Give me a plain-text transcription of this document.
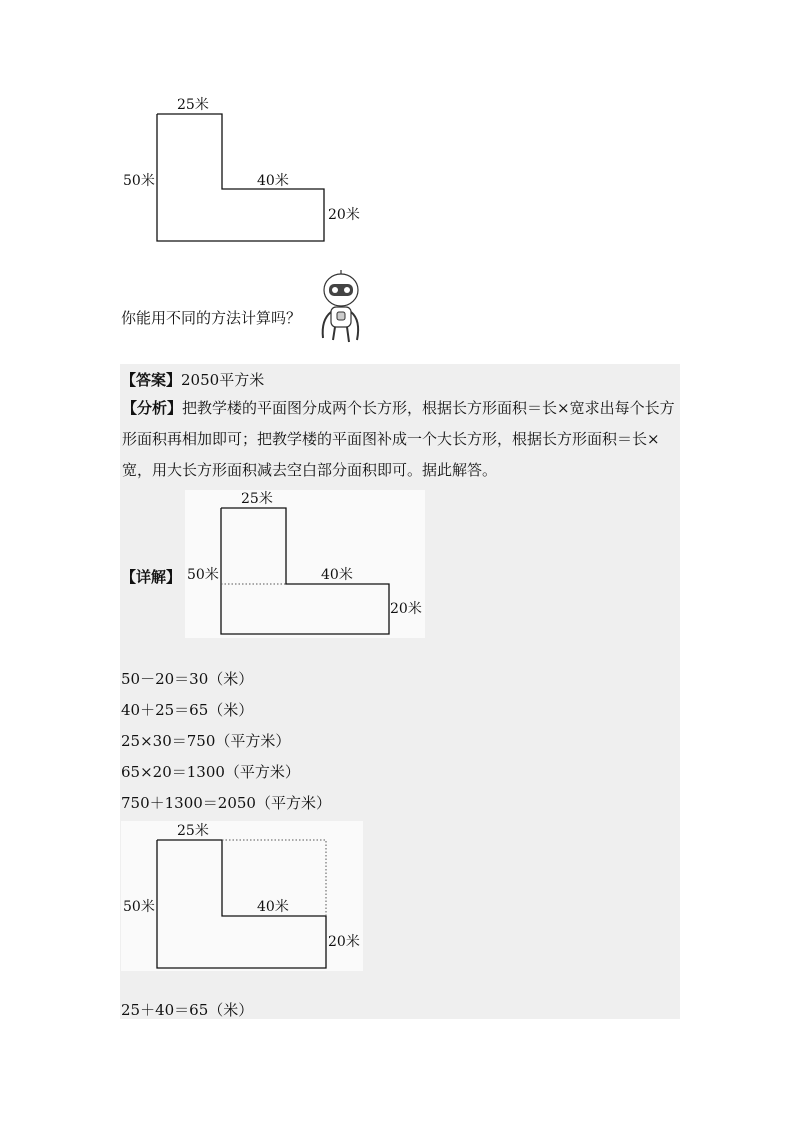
25米
50米	40米
20米
你能用不同的方法计算吗？
【答案】2050平方米
【分析】把教学楼的平面图分成两个长方形，根据长方形面积＝长×宽求出每个长方形面积再相加即可；把教学楼的平面图补成一个大长方形，根据长方形面积＝长×宽，用大长方形面积减去空白部分面积即可。据此解答。
【详解】
25米
50米	40米
20米
50－20＝30（米）
40＋25＝65（米）
25×30＝750（平方米）
65×20＝1300（平方米）
750＋1300＝2050（平方米）
25米
50米	40米
20米
25＋40＝65（米）
